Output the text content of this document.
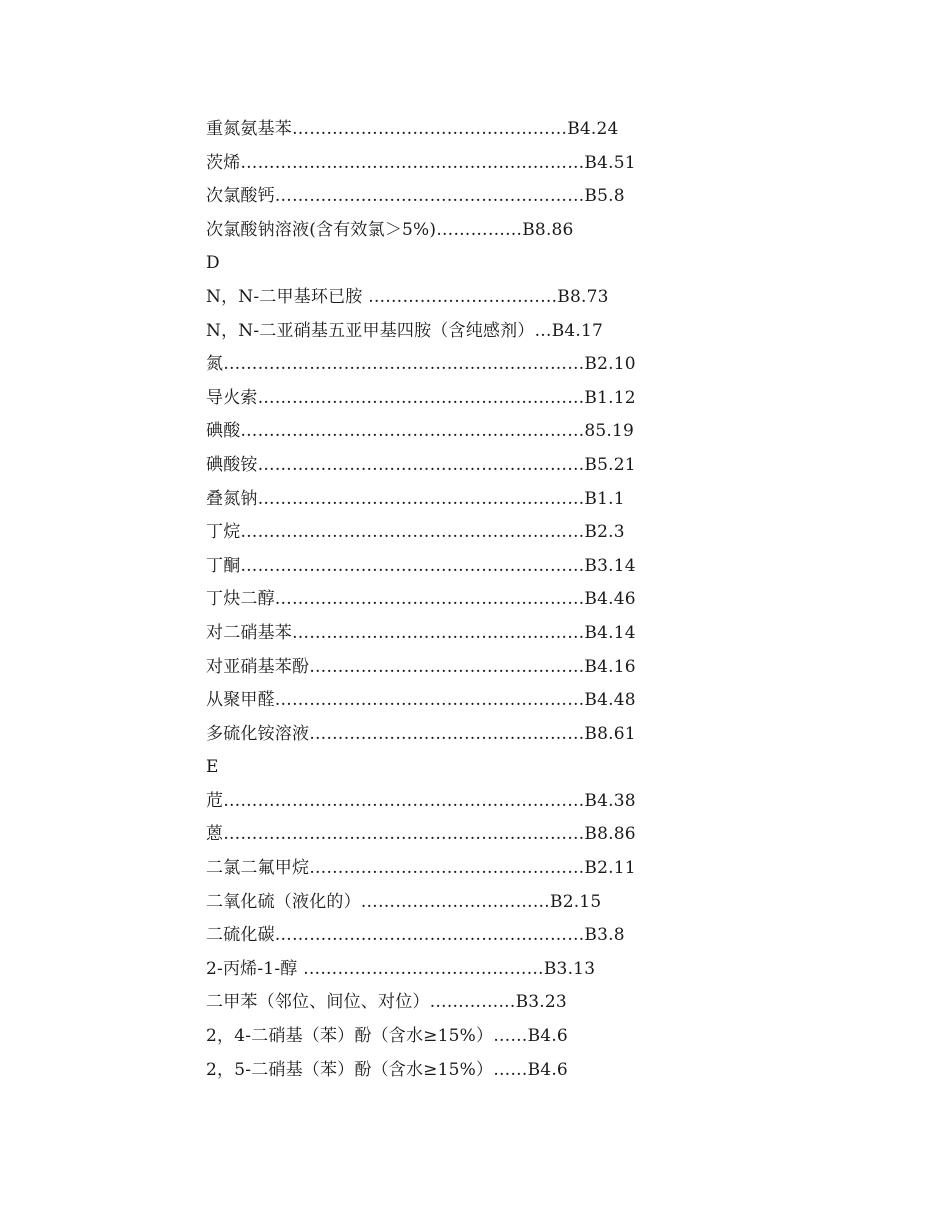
重氮氨基苯…………………………………………B4.24
茨烯……………………………………………………B4.51
次氯酸钙………………………………………………B5.8
次氯酸钠溶液(含有效氯＞5%)……………B8.86
D
N，N-二甲基环已胺 ……………………………B8.73
N，N-二亚硝基五亚甲基四胺（含纯感剂）…B4.17
氮………………………………………………………B2.10
导火索…………………………………………………B1.12
碘酸……………………………………………………85.19
碘酸铵…………………………………………………B5.21
叠氮钠…………………………………………………B1.1
丁烷……………………………………………………B2.3
丁酮……………………………………………………B3.14
丁炔二醇………………………………………………B4.46
对二硝基苯……………………………………………B4.14
对亚硝基苯酚…………………………………………B4.16
从聚甲醛………………………………………………B4.48
多硫化铵溶液…………………………………………B8.61
E
苊………………………………………………………B4.38
蒽………………………………………………………B8.86
二氯二氟甲烷…………………………………………B2.11
二氧化硫（液化的）……………………………B2.15
二硫化碳………………………………………………B3.8
2-丙烯-1-醇 ……………………………………B3.13
二甲苯（邻位、间位、对位）……………B3.23
2，4-二硝基（苯）酚（含水≥15%）……B4.6
2，5-二硝基（苯）酚（含水≥15%）……B4.6
